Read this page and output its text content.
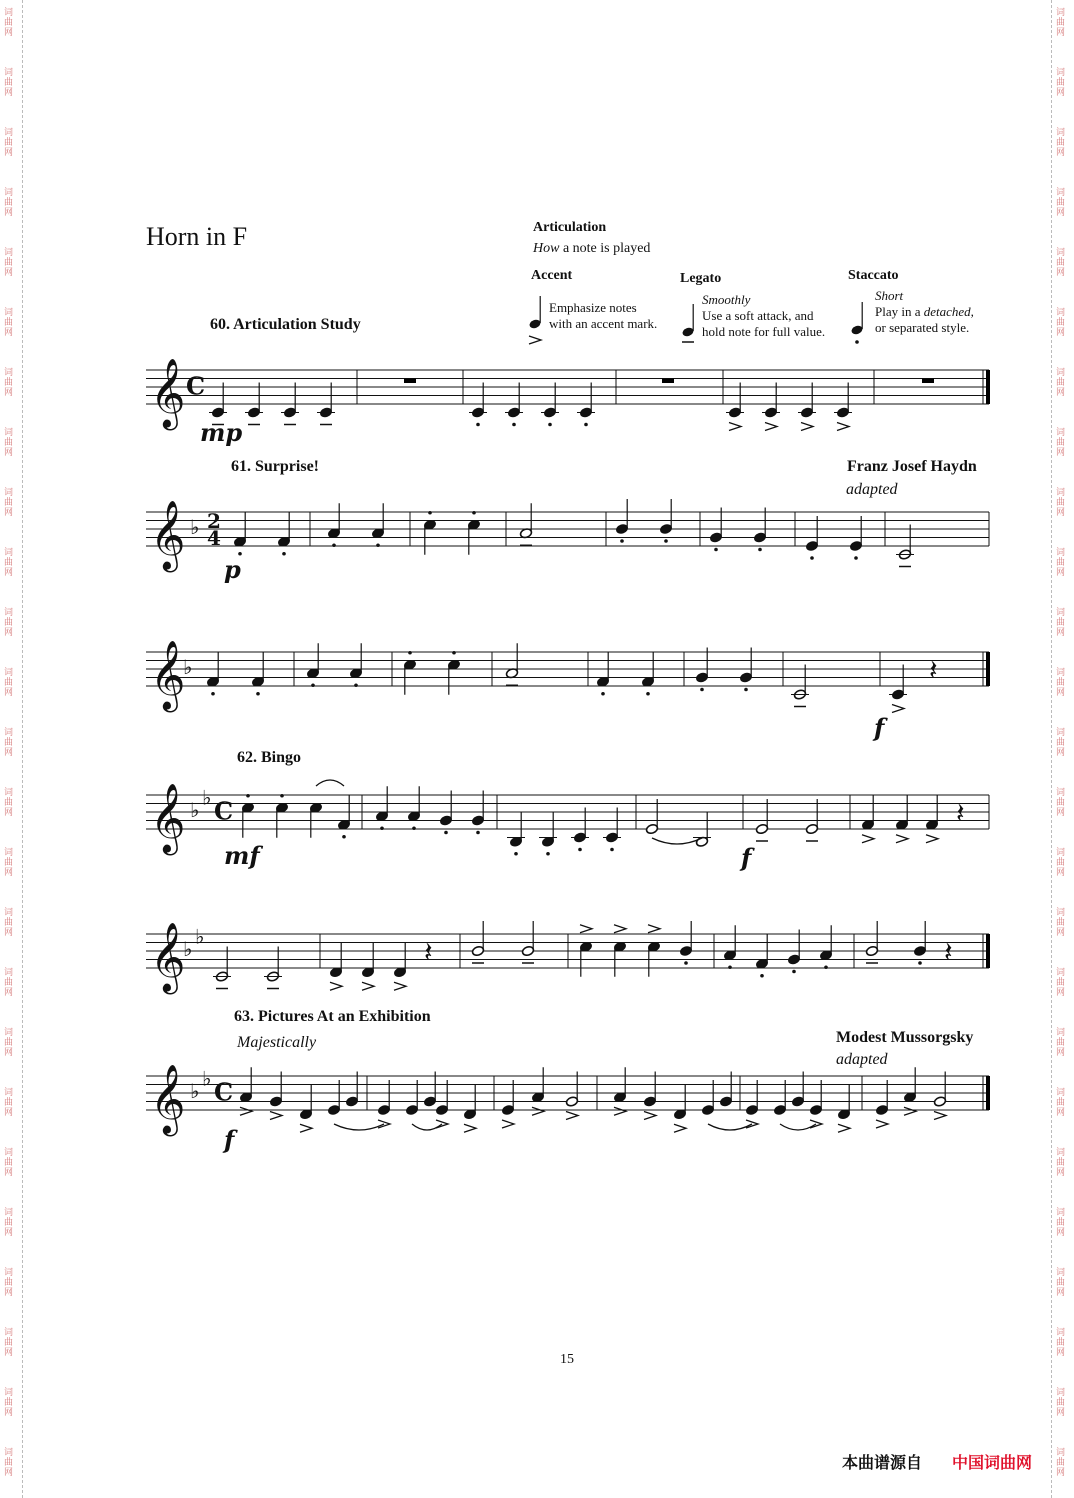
词
曲
网
词
曲
网
词
曲
网
词
曲
网
词
曲
网
词
曲
网
词
曲
网
词
曲
网
词
曲
网
词
曲
网
词
曲
网
词
曲
网
词
曲
网
词
曲
网
词
曲
网
词
曲
网
词
曲
网
词
曲
网
词
曲
网
词
曲
网
词
曲
网
词
曲
网
词
曲
网
词
曲
网
词
曲
网
词
曲
网
词
曲
网
词
曲
网
词
曲
网
词
曲
网
词
曲
网
词
曲
网
词
曲
网
词
曲
网
词
曲
网
词
曲
网
词
曲
网
词
曲
网
词
曲
网
词
曲
网
词
曲
网
词
曲
网
词
曲
网
词
曲
网
词
曲
网
词
曲
网
词
曲
网
词
曲
网
词
曲
网
词
曲
网
Horn in F	Articulation
How a note is played
Accent
Emphasize notes
with an accent mark.
Legato
Smoothly
Use a soft attack, and
hold note for full value.
Staccato
Short
Play in a detached,
or separated style.
60. Articulation Study
61. Surprise!	Franz Josef Haydn
adapted
62. Bingo
63. Pictures At an Exhibition
Majestically	Modest Mussorgsky
adapted
15
本曲谱源自 中国词曲网
𝄞 C
mp
𝄞 ♭ 2
4
p
𝄞
♭	𝄽
f
𝄞 ♭
♭ C	𝄽
mf	f
𝄞
♭
♭	𝄽	𝄽
𝄞 ♭
♭ C
f
